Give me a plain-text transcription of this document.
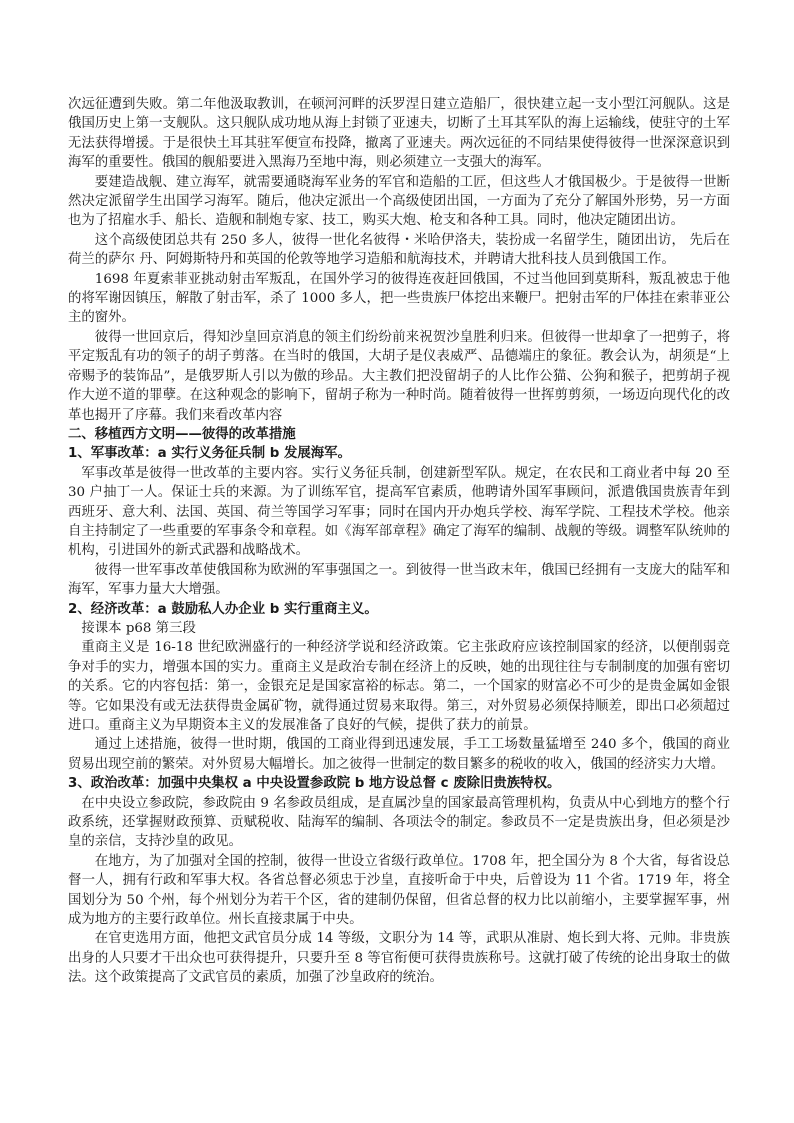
次远征遭到失败。第二年他汲取教训，在顿河河畔的沃罗涅日建立造船厂，很快建立起一支小型江河舰队。这是俄国历史上第一支舰队。这只舰队成功地从海上封锁了亚速夫，切断了土耳其军队的海上运输线，使驻守的土军无法获得增援。于是很快土耳其驻军便宣布投降，撤离了亚速夫。两次远征的不同结果使得彼得一世深深意识到海军的重要性。俄国的舰船要进入黑海乃至地中海，则必须建立一支强大的海军。

要建造战舰、建立海军，就需要通晓海军业务的军官和造船的工匠，但这些人才俄国极少。于是彼得一世断然决定派留学生出国学习海军。随后，他决定派出一个高级使团出国，一方面为了充分了解国外形势，另一方面也为了招雇水手、船长、造舰和制炮专家、技工，购买大炮、枪支和各种工具。同时，他决定随团出访。

这个高级使团总共有 250 多人，彼得一世化名彼得・米哈伊洛夫，装扮成一名留学生，随团出访， 先后在荷兰的萨尔 丹、阿姆斯特丹和英国的伦敦等地学习造船和航海技术，并聘请大批科技人员到俄国工作。

1698 年夏索菲亚挑动射击军叛乱，在国外学习的彼得连夜赶回俄国，不过当他回到莫斯科，叛乱被忠于他的将军谢因镇压，解散了射击军，杀了 1000 多人，把一些贵族尸体挖出来鞭尸。把射击军的尸体挂在索菲亚公主的窗外。

彼得一世回京后，得知沙皇回京消息的领主们纷纷前来祝贺沙皇胜利归来。但彼得一世却拿了一把剪子，将平定叛乱有功的领子的胡子剪落。在当时的俄国，大胡子是仪表威严、品德端庄的象征。教会认为，胡须是“上帝赐予的装饰品”，是俄罗斯人引以为傲的珍品。大主教们把没留胡子的人比作公猫、公狗和猴子，把剪胡子视作大逆不道的罪孽。在这种观念的影响下，留胡子称为一种时尚。随着彼得一世挥剪剪须，一场迈向现代化的改革也揭开了序幕。我们来看改革内容

二、移植西方文明——彼得的改革措施

1、军事改革：a 实行义务征兵制 b 发展海军。

军事改革是彼得一世改革的主要内容。实行义务征兵制，创建新型军队。规定，在农民和工商业者中每 20 至 30 户抽丁一人。保证士兵的来源。为了训练军官，提高军官素质，他聘请外国军事顾问，派遣俄国贵族青年到西班牙、意大利、法国、英国、荷兰等国学习军事；同时在国内开办炮兵学校、海军学院、工程技术学校。他亲自主持制定了一些重要的军事条令和章程。如《海军部章程》确定了海军的编制、战舰的等级。调整军队统帅的机构，引进国外的新式武器和战略战术。

彼得一世军事改革使俄国称为欧洲的军事强国之一。到彼得一世当政末年，俄国已经拥有一支庞大的陆军和海军，军事力量大大增强。

2、经济改革：a 鼓励私人办企业 b 实行重商主义。

接课本 p68 第三段

重商主义是 16-18 世纪欧洲盛行的一种经济学说和经济政策。它主张政府应该控制国家的经济，以便削弱竞争对手的实力，增强本国的实力。重商主义是政治专制在经济上的反映，她的出现往往与专制制度的加强有密切的关系。它的内容包括：第一，金银充足是国家富裕的标志。第二，一个国家的财富必不可少的是贵金属如金银等。它如果没有或无法获得贵金属矿物，就得通过贸易来取得。第三，对外贸易必须保持顺差，即出口必须超过进口。重商主义为早期资本主义的发展准备了良好的气候，提供了获力的前景。

通过上述措施，彼得一世时期，俄国的工商业得到迅速发展，手工工场数量猛增至 240 多个，俄国的商业贸易出现空前的繁荣。对外贸易大幅增长。加之彼得一世制定的数目繁多的税收的收入，俄国的经济实力大增。

3、政治改革：加强中央集权 a 中央设置参政院 b 地方设总督 c 废除旧贵族特权。

在中央设立参政院，参政院由 9 名参政员组成，是直属沙皇的国家最高管理机构，负责从中心到地方的整个行政系统，还掌握财政预算、贡赋税收、陆海军的编制、各项法令的制定。参政员不一定是贵族出身，但必须是沙皇的亲信，支持沙皇的政见。

在地方，为了加强对全国的控制，彼得一世设立省级行政单位。1708 年，把全国分为 8 个大省，每省设总督一人，拥有行政和军事大权。各省总督必须忠于沙皇，直接听命于中央，后曾设为 11 个省。1719 年，将全国划分为 50 个州，每个州划分为若干个区，省的建制仍保留，但省总督的权力比以前缩小，主要掌握军事，州成为地方的主要行政单位。州长直接隶属于中央。

在官吏选用方面，他把文武官员分成 14 等级，文职分为 14 等，武职从准尉、炮长到大将、元帅。非贵族出身的人只要才干出众也可获得提升，只要升至 8 等官衔便可获得贵族称号。这就打破了传统的论出身取士的做法。这个政策提高了文武官员的素质，加强了沙皇政府的统治。
